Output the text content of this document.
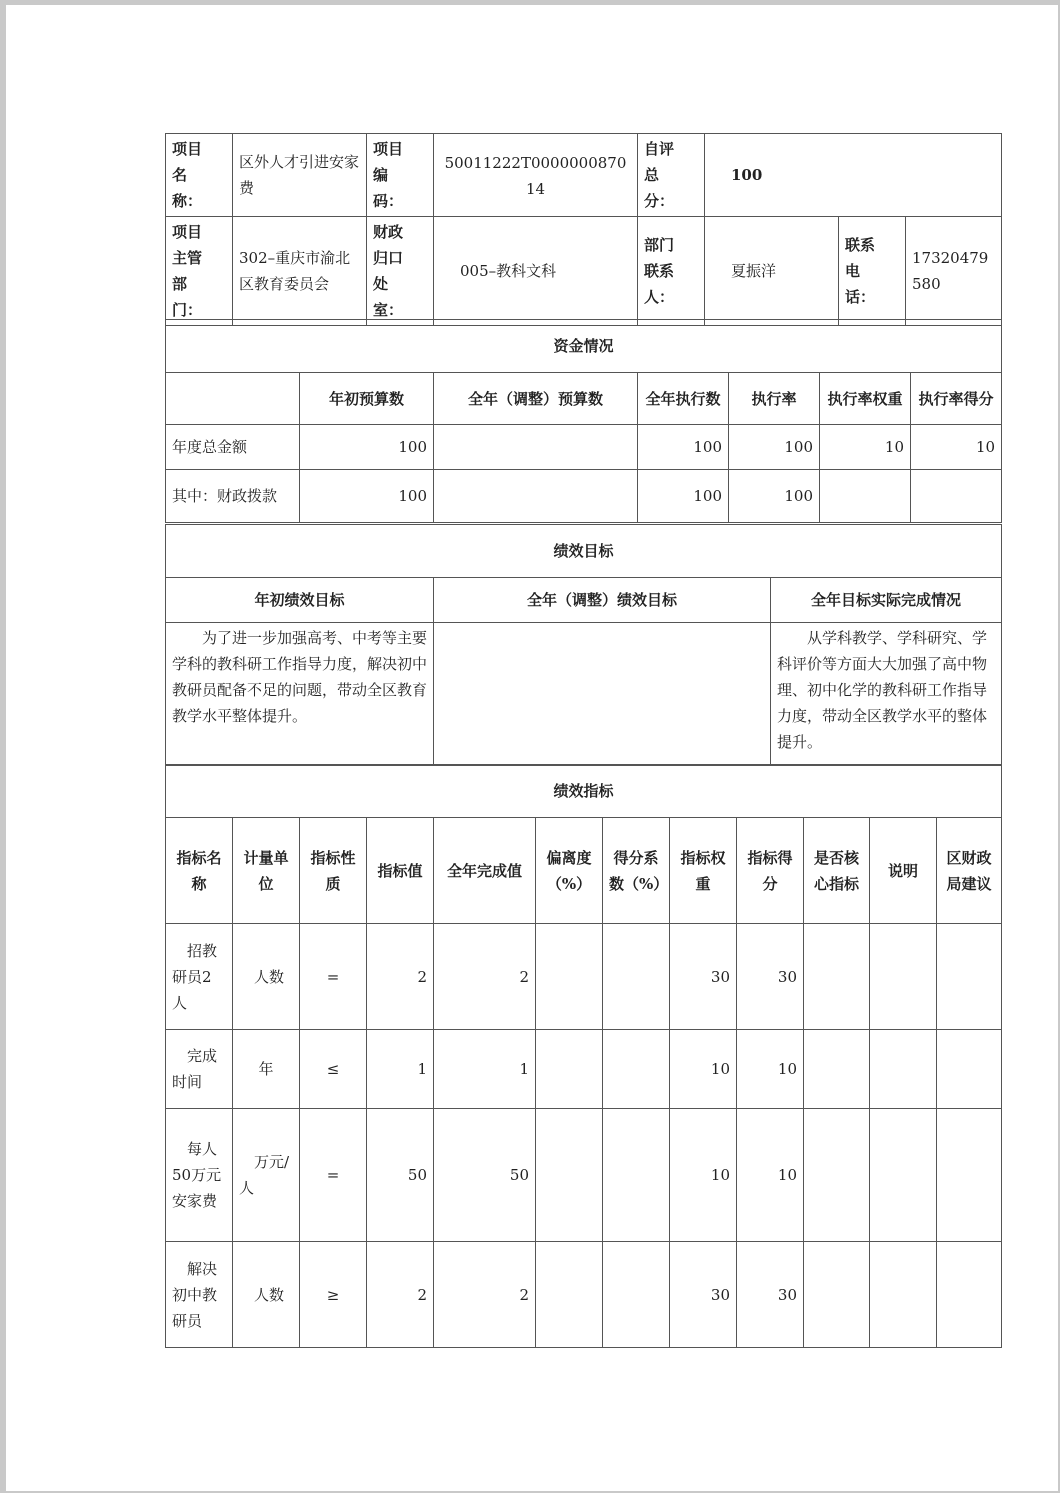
项目
名
称：	区外人才引进安家费	项目
编
码：	50011222T000000087014	自评
总
分：	100		
项目
主管
部
门：	302–重庆市渝北区教育委员会	财政
归口
处
室：	005–教科文科	部门
联系
人：	夏振洋	联系
电
话：	17320479580
资金情况						
	年初预算数	全年（调整）预算数	全年执行数	执行率	执行率权重	执行率得分
年度总金额	100		100	100	10	10
其中：财政拨款	100		100	100		
绩效目标		
年初绩效目标	全年（调整）绩效目标	全年目标实际完成情况
为了进一步加强高考、中考等主要学科的教科研工作指导力度，解决初中教研员配备不足的问题，带动全区教育教学水平整体提升。		从学科教学、学科研究、学科评价等方面大大加强了高中物理、初中化学的教科研工作指导力度，带动全区教学水平的整体提升。
绩效指标											
指标名称	计量单位	指标性质	指标值	全年完成值	偏离度（%）	得分系数（%）	指标权重	指标得分	是否核心指标	说明	区财政局建议
招教研员2人	人数	=	2	2			30	30			
完成时间	年	≤	1	1			10	10			
每人50万元安家费	万元/人	=	50	50			10	10			
解决初中教研员	人数	≥	2	2			30	30			
